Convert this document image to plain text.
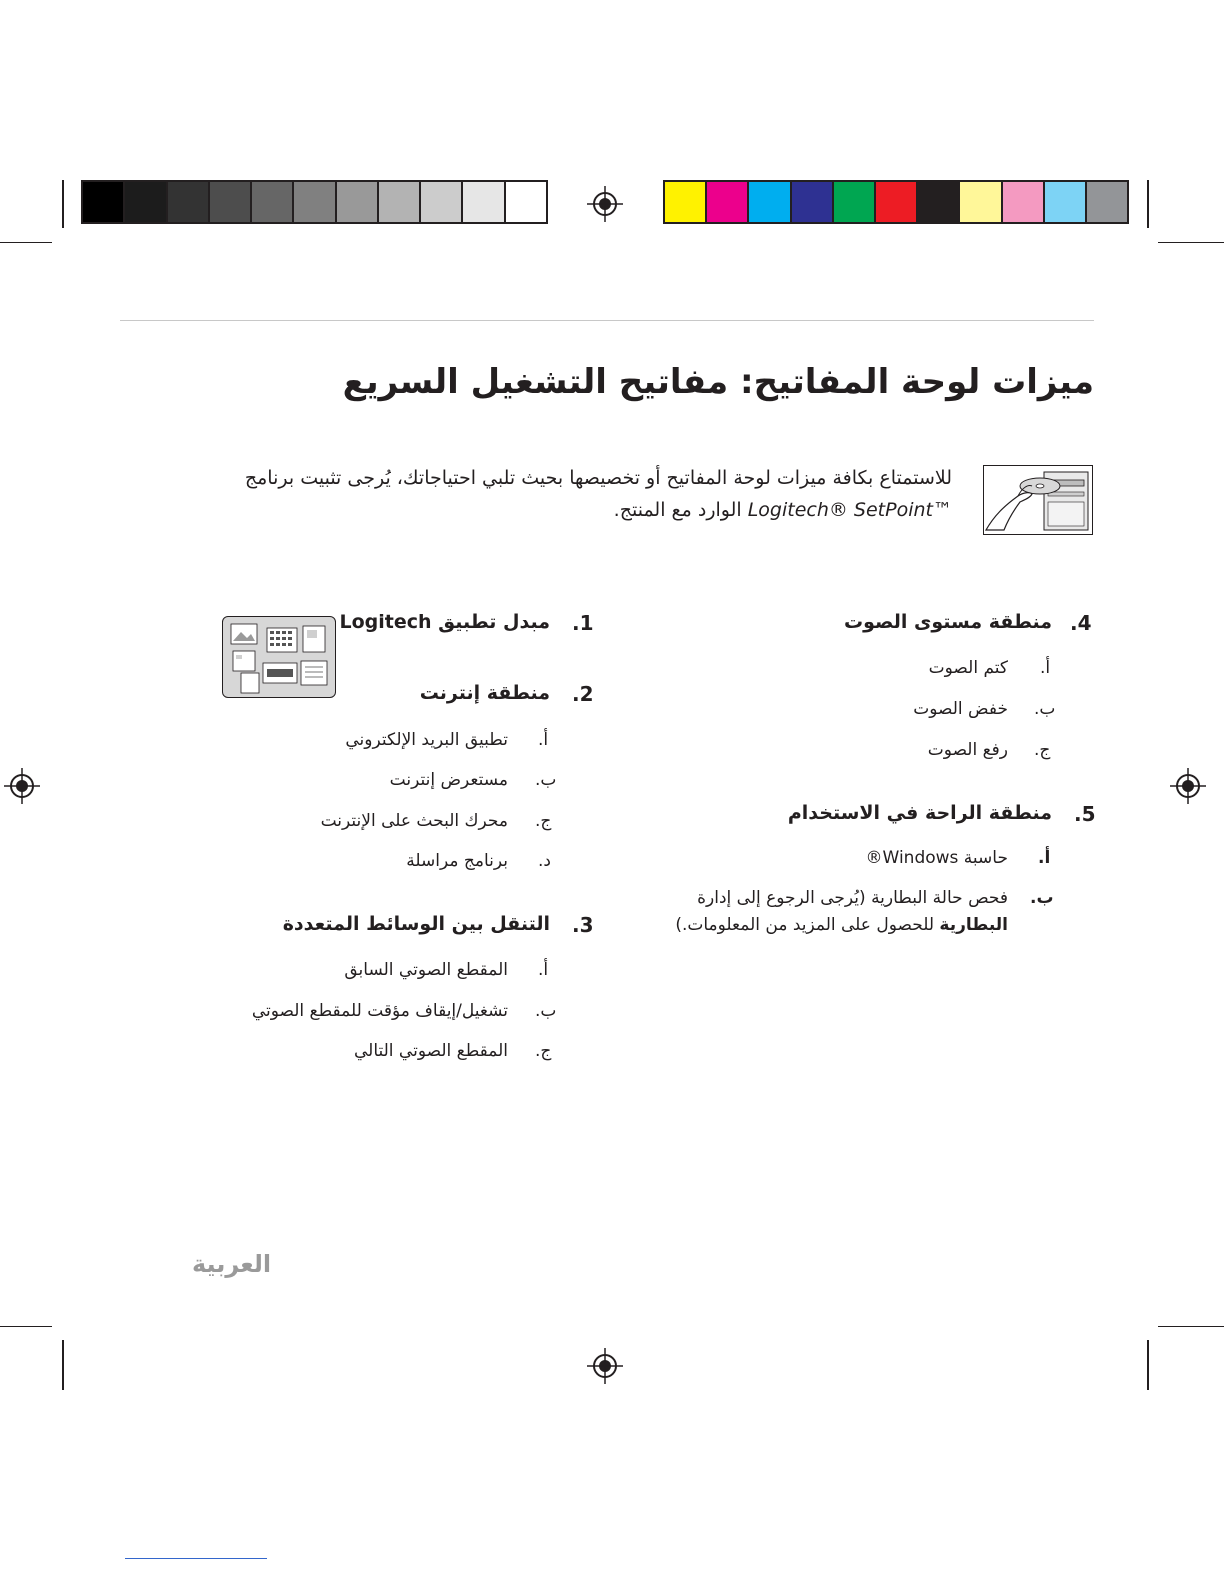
ميزات لوحة المفاتيح: مفاتيح التشغيل السريع
للاستمتاع بكافة ميزات لوحة المفاتيح أو تخصيصها بحيث تلبي احتياجاتك، يُرجى تثبيت برنامج
Logitech® SetPoint™ الوارد مع المنتج.
.1
مبدل تطبيق Logitech
.2
منطقة إنترنت
أ.
تطبيق البريد الإلكتروني
ب.
مستعرض إنترنت
ج.
محرك البحث على الإنترنت
د.
برنامج مراسلة
.3
التنقل بين الوسائط المتعددة
أ.
المقطع الصوتي السابق
ب.
تشغيل/إيقاف مؤقت للمقطع الصوتي
ج.
المقطع الصوتي التالي
.4
منطقة مستوى الصوت
أ.
كتم الصوت
ب.
خفض الصوت
ج.
رفع الصوت
.5
منطقة الراحة في الاستخدام
أ.
حاسبة Windows®
ب.
فحص حالة البطارية (يُرجى الرجوع إلى إدارة
البطارية للحصول على المزيد من المعلومات.)
العربية
